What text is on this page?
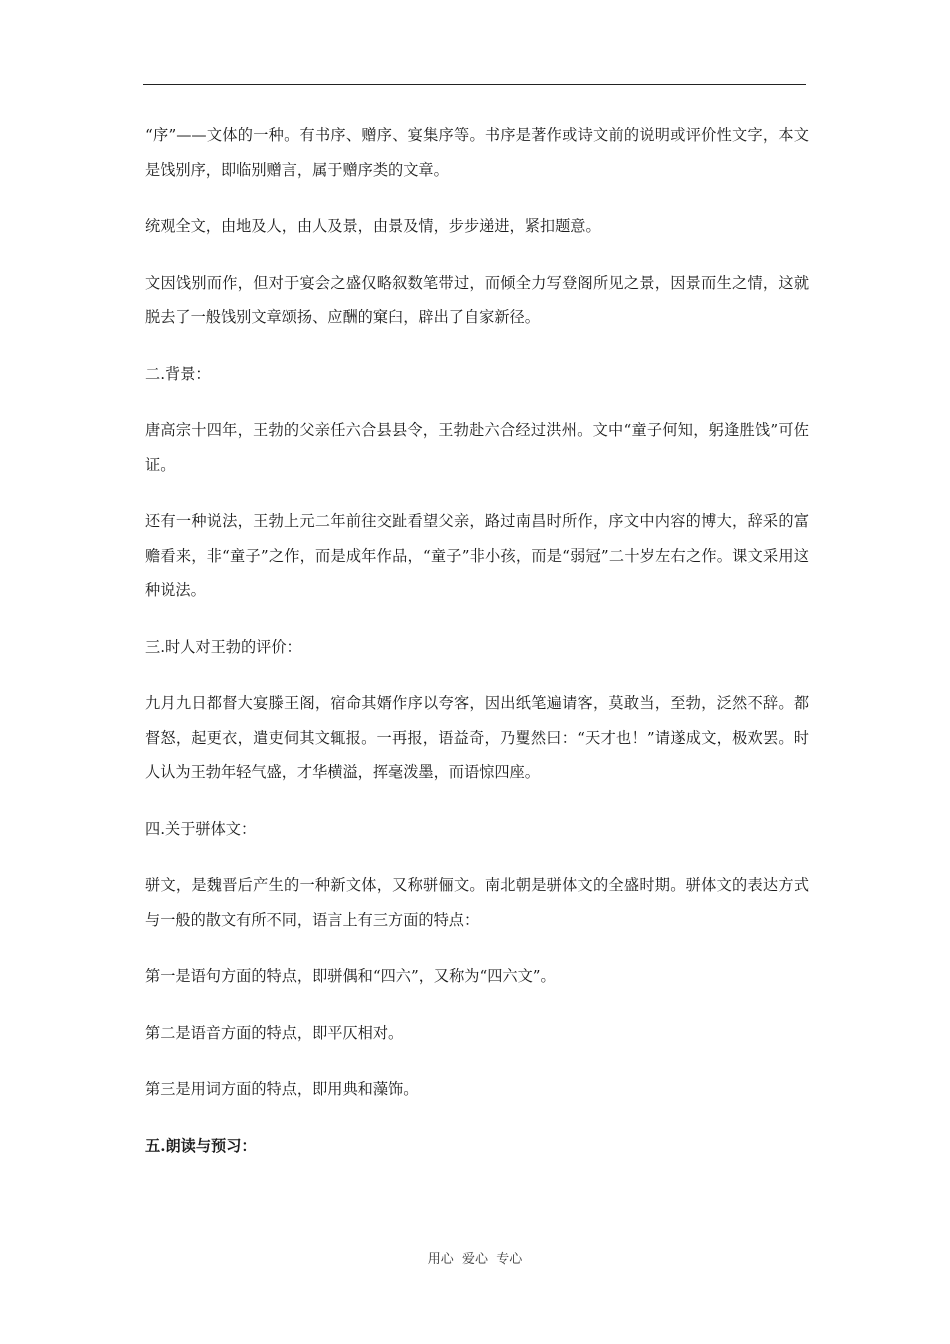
“序”——文体的一种。有书序、赠序、宴集序等。书序是著作或诗文前的说明或评价性文字，本文是饯别序，即临别赠言，属于赠序类的文章。

统观全文，由地及人，由人及景，由景及情，步步递进，紧扣题意。

文因饯别而作，但对于宴会之盛仅略叙数笔带过，而倾全力写登阁所见之景，因景而生之情，这就脱去了一般饯别文章颂扬、应酬的窠臼，辟出了自家新径。

二.背景：

唐高宗十四年，王勃的父亲任六合县县令，王勃赴六合经过洪州。文中“童子何知，躬逢胜饯”可佐证。

还有一种说法，王勃上元二年前往交趾看望父亲，路过南昌时所作，序文中内容的博大，辞采的富赡看来，非“童子”之作，而是成年作品，“童子”非小孩，而是“弱冠”二十岁左右之作。课文采用这种说法。

三.时人对王勃的评价：

九月九日都督大宴滕王阁，宿命其婿作序以夸客，因出纸笔遍请客，莫敢当，至勃，泛然不辞。都督怒，起更衣，遣吏伺其文辄报。一再报，语益奇，乃矍然曰：“天才也！”请遂成文，极欢罢。时人认为王勃年轻气盛，才华横溢，挥毫泼墨，而语惊四座。

四.关于骈体文：

骈文，是魏晋后产生的一种新文体，又称骈俪文。南北朝是骈体文的全盛时期。骈体文的表达方式与一般的散文有所不同，语言上有三方面的特点：

第一是语句方面的特点，即骈偶和“四六”，又称为“四六文”。

第二是语音方面的特点，即平仄相对。

第三是用词方面的特点，即用典和藻饰。

五.朗读与预习：

用心  爱心  专心
